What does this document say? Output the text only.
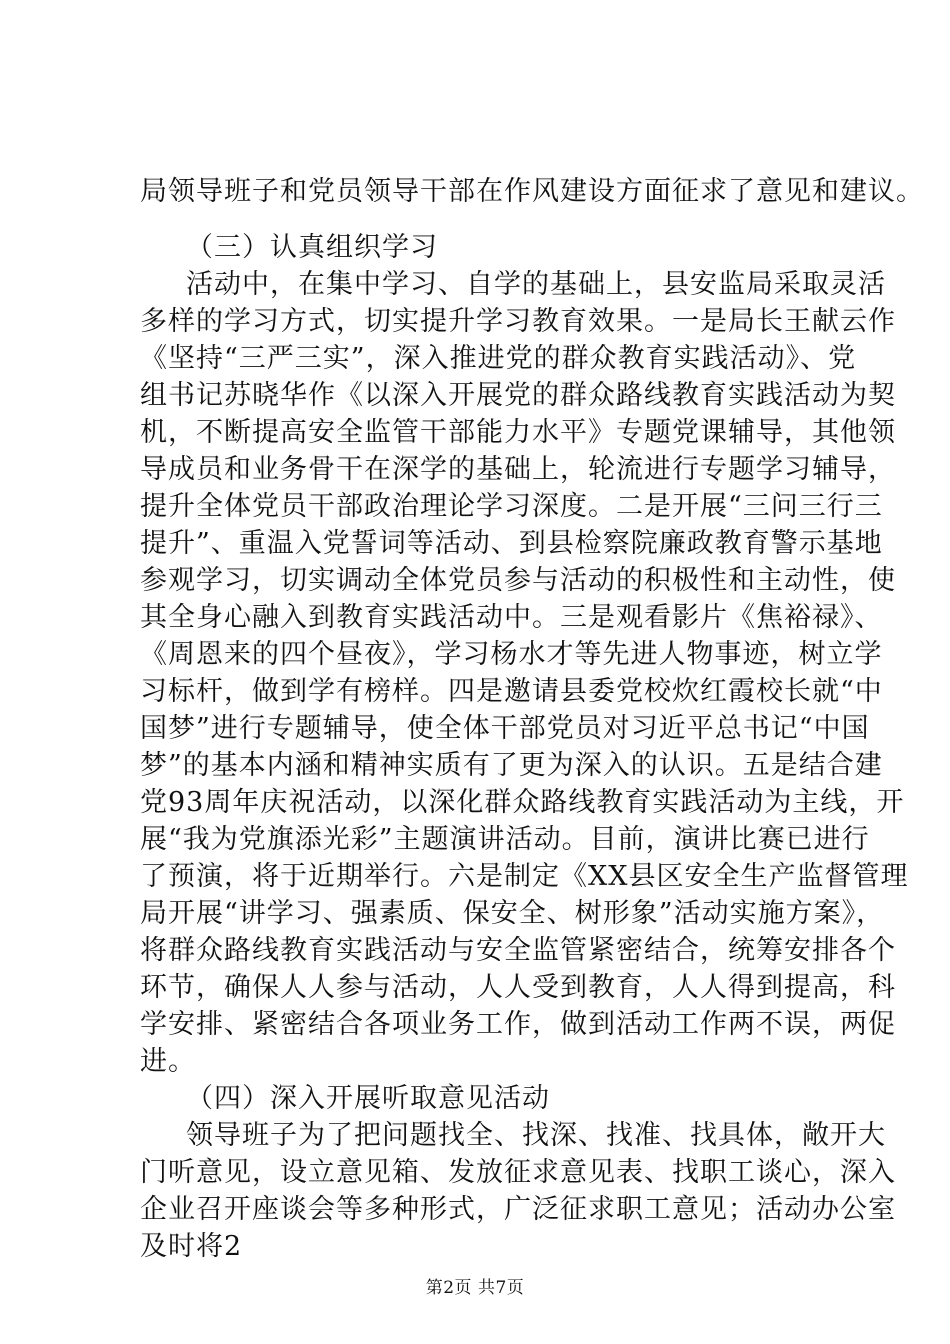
局领导班子和党员领导干部在作风建设方面征求了意见和建议。
（三）认真组织学习
活动中，在集中学习、自学的基础上，县安监局采取灵活
多样的学习方式，切实提升学习教育效果。一是局长王献云作
《坚持“三严三实”，深入推进党的群众教育实践活动》、党
组书记苏晓华作《以深入开展党的群众路线教育实践活动为契
机，不断提高安全监管干部能力水平》专题党课辅导，其他领
导成员和业务骨干在深学的基础上，轮流进行专题学习辅导，
提升全体党员干部政治理论学习深度。二是开展“三问三行三
提升”、重温入党誓词等活动、到县检察院廉政教育警示基地
参观学习，切实调动全体党员参与活动的积极性和主动性，使
其全身心融入到教育实践活动中。三是观看影片《焦裕禄》、
《周恩来的四个昼夜》，学习杨水才等先进人物事迹，树立学
习标杆，做到学有榜样。四是邀请县委党校炊红霞校长就“中
国梦”进行专题辅导，使全体干部党员对习近平总书记“中国
梦”的基本内涵和精神实质有了更为深入的认识。五是结合建
党93周年庆祝活动，以深化群众路线教育实践活动为主线，开
展“我为党旗添光彩”主题演讲活动。目前，演讲比赛已进行
了预演，将于近期举行。六是制定《XX县区安全生产监督管理
局开展“讲学习、强素质、保安全、树形象”活动实施方案》，
将群众路线教育实践活动与安全监管紧密结合，统筹安排各个
环节，确保人人参与活动，人人受到教育，人人得到提高，科
学安排、紧密结合各项业务工作，做到活动工作两不误，两促
进。
（四）深入开展听取意见活动
领导班子为了把问题找全、找深、找准、找具体，敞开大
门听意见，设立意见箱、发放征求意见表、找职工谈心，深入
企业召开座谈会等多种形式，广泛征求职工意见；活动办公室
及时将2
第2页 共7页
